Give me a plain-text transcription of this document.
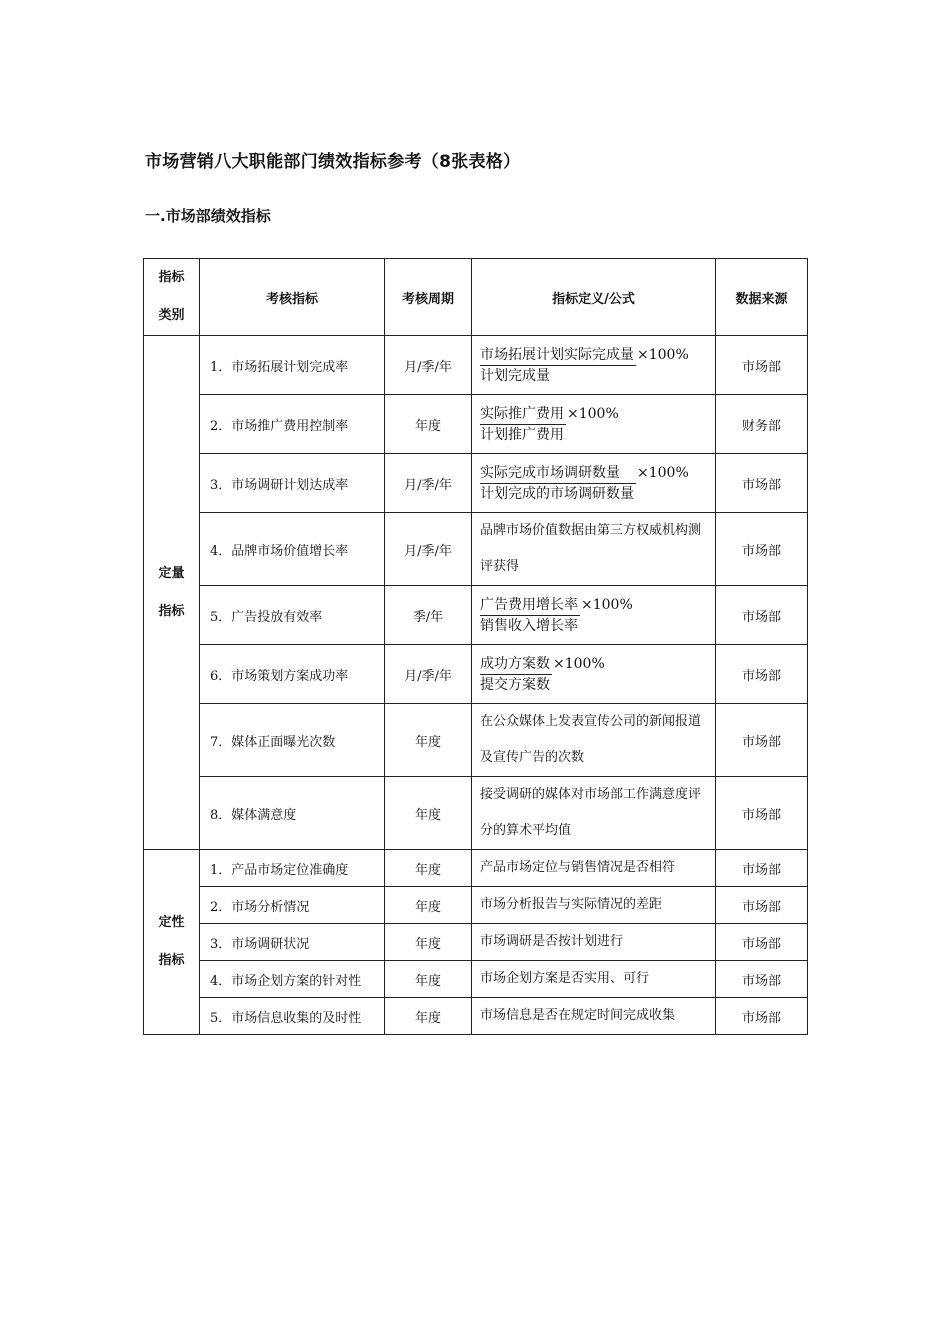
市场营销八大职能部门绩效指标参考（8张表格）
一.市场部绩效指标
指标
类别	考核指标	考核周期	指标定义/公式	数据来源

定量
指标	1．市场拓展计划完成率	月/季/年	$\frac{\text{市场拓展计划实际完成量}}{\text{计划完成量}} \times 100\%$	市场部
	2．市场推广费用控制率	年度	$\frac{\text{实际推广费用}}{\text{计划推广费用}} \times 100\%$	财务部
	3．市场调研计划达成率	月/季/年	$\frac{\text{实际完成市场调研数量}}{\text{计划完成的市场调研数量}} \times 100\%$	市场部
	4．品牌市场价值增长率	月/季/年	品牌市场价值数据由第三方权威机构测评获得	市场部
	5．广告投放有效率	季/年	$\frac{\text{广告费用增长率}}{\text{销售收入增长率}} \times 100\%$	市场部
	6．市场策划方案成功率	月/季/年	$\frac{\text{成功方案数}}{\text{提交方案数}} \times 100\%$	市场部
	7．媒体正面曝光次数	年度	在公众媒体上发表宣传公司的新闻报道及宣传广告的次数	市场部
	8．媒体满意度	年度	接受调研的媒体对市场部工作满意度评分的算术平均值	市场部

定性
指标	1．产品市场定位准确度	年度	产品市场定位与销售情况是否相符	市场部
	2．市场分析情况	年度	市场分析报告与实际情况的差距	市场部
	3．市场调研状况	年度	市场调研是否按计划进行	市场部
	4．市场企划方案的针对性	年度	市场企划方案是否实用、可行	市场部
	5．市场信息收集的及时性	年度	市场信息是否在规定时间完成收集	市场部
